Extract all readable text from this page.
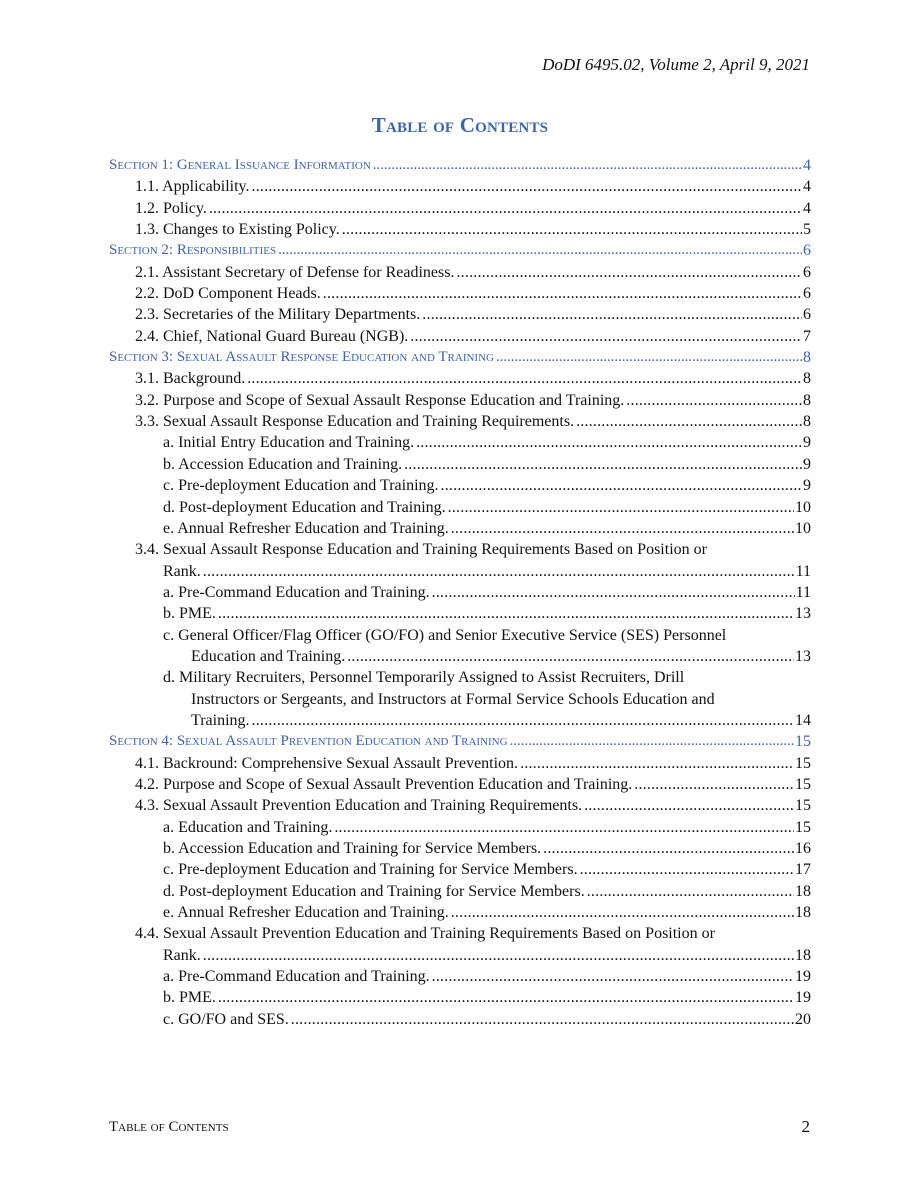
DoDI 6495.02, Volume 2, April 9, 2021
Table of Contents
Section 1: General Issuance Information . . .	4
1.1. Applicability. . . .	4
1.2. Policy. . . .	4
1.3. Changes to Existing Policy. . . .	5
Section 2: Responsibilities . . .	6
2.1. Assistant Secretary of Defense for Readiness. . . .	6
2.2. DoD Component Heads. . . .	6
2.3. Secretaries of the Military Departments. . . .	6
2.4. Chief, National Guard Bureau (NGB). . . .	7
Section 3: Sexual Assault Response Education and Training . . .	8
3.1. Background. . . .	8
3.2. Purpose and Scope of Sexual Assault Response Education and Training. . . .	8
3.3. Sexual Assault Response Education and Training Requirements. . . .	8
a. Initial Entry Education and Training. . . .	9
b. Accession Education and Training. . . .	9
c. Pre-deployment Education and Training. . . .	9
d. Post-deployment Education and Training. . . .	10
e. Annual Refresher Education and Training. . . .	10
3.4. Sexual Assault Response Education and Training Requirements Based on Position or
Rank. . . .	11
a. Pre-Command Education and Training. . . .	11
b. PME. . . .	13
c. General Officer/Flag Officer (GO/FO) and Senior Executive Service (SES) Personnel
Education and Training. . . .	13
d. Military Recruiters, Personnel Temporarily Assigned to Assist Recruiters, Drill
Instructors or Sergeants, and Instructors at Formal Service Schools Education and
Training. . . .	14
Section 4: Sexual Assault Prevention Education and Training . . .	15
4.1. Backround: Comprehensive Sexual Assault Prevention. . . .	15
4.2. Purpose and Scope of Sexual Assault Prevention Education and Training. . . .	15
4.3. Sexual Assault Prevention Education and Training Requirements. . . .	15
a. Education and Training. . . .	15
b. Accession Education and Training for Service Members. . . .	16
c. Pre-deployment Education and Training for Service Members. . . .	17
d. Post-deployment Education and Training for Service Members. . . .	18
e. Annual Refresher Education and Training. . . .	18
4.4. Sexual Assault Prevention Education and Training Requirements Based on Position or
Rank. . . .	18
a. Pre-Command Education and Training. . . .	19
b. PME. . . .	19
c. GO/FO and SES. . . .	20
Table of Contents	2
